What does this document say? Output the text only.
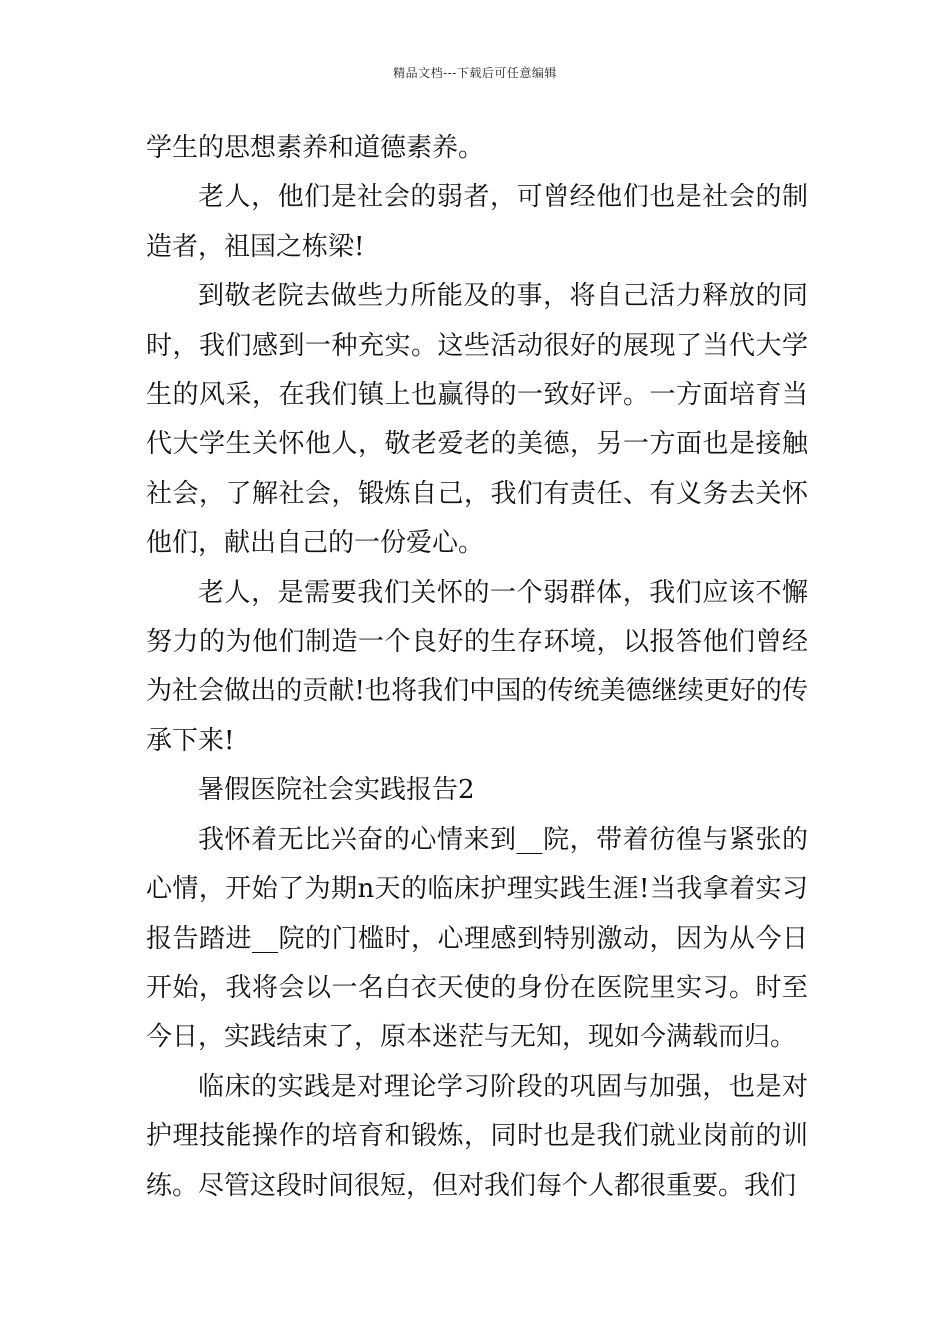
精品文档---下载后可任意编辑

学生的思想素养和道德素养。

老人，他们是社会的弱者，可曾经他们也是社会的制造者，祖国之栋梁!

到敬老院去做些力所能及的事，将自己活力释放的同时，我们感到一种充实。这些活动很好的展现了当代大学生的风采，在我们镇上也赢得的一致好评。一方面培育当代大学生关怀他人，敬老爱老的美德，另一方面也是接触社会，了解社会，锻炼自己，我们有责任、有义务去关怀他们，献出自己的一份爱心。

老人，是需要我们关怀的一个弱群体，我们应该不懈努力的为他们制造一个良好的生存环境，以报答他们曾经为社会做出的贡献!也将我们中国的传统美德继续更好的传承下来!

暑假医院社会实践报告2

我怀着无比兴奋的心情来到__院，带着彷徨与紧张的心情，开始了为期n天的临床护理实践生涯!当我拿着实习报告踏进__院的门槛时，心理感到特别激动，因为从今日开始，我将会以一名白衣天使的身份在医院里实习。时至今日，实践结束了，原本迷茫与无知，现如今满载而归。

临床的实践是对理论学习阶段的巩固与加强，也是对护理技能操作的培育和锻炼，同时也是我们就业岗前的训练。尽管这段时间很短，但对我们每个人都很重要。我们
